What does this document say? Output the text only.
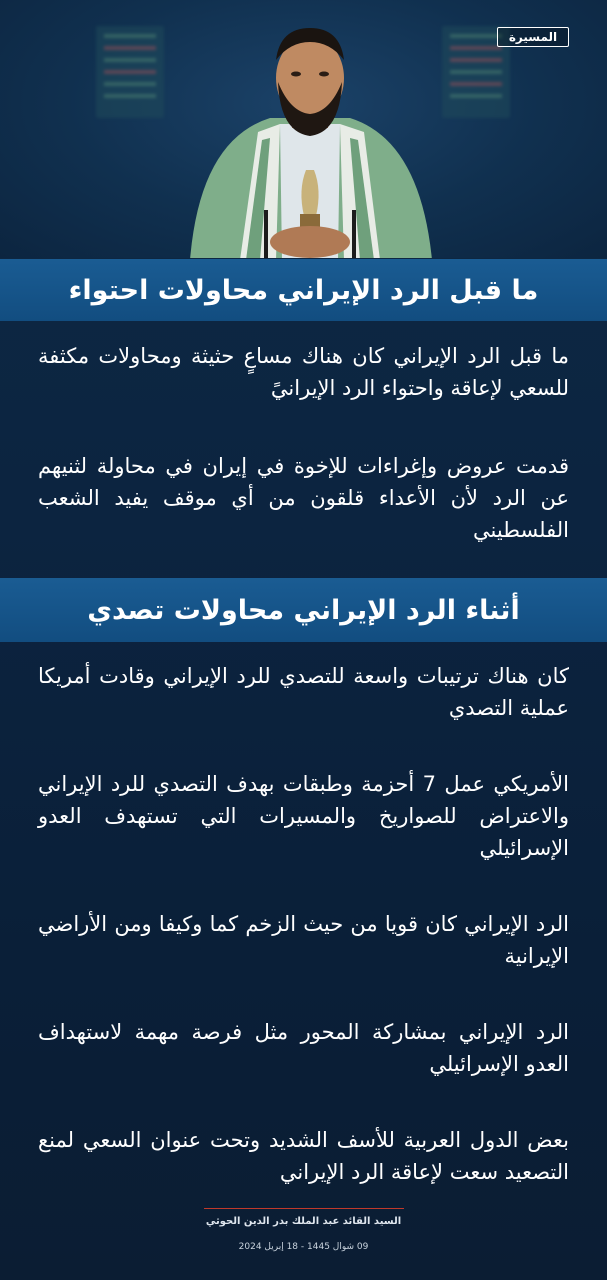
المسيرة
ما قبل الرد الإيراني محاولات احتواء

ما قبل الرد الإيراني كان هناك مساعٍ حثيثة ومحاولات مكثفة للسعي لإعاقة واحتواء الرد الإيرانيً

قدمت عروض وإغراءات للإخوة في إيران في محاولة لثنيهم عن الرد لأن الأعداء قلقون من أي موقف يفيد الشعب الفلسطيني

أثناء الرد الإيراني محاولات تصدي

كان هناك ترتيبات واسعة للتصدي للرد الإيراني وقادت أمريكا عملية التصدي

الأمريكي عمل 7 أحزمة وطبقات بهدف التصدي للرد الإيراني والاعتراض للصواريخ والمسيرات التي تستهدف العدو الإسرائيلي

الرد الإيراني كان قويا من حيث الزخم كما وكيفا ومن الأراضي الإيرانية

الرد الإيراني بمشاركة المحور مثل فرصة مهمة لاستهداف العدو الإسرائيلي

بعض الدول العربية للأسف الشديد وتحت عنوان السعي لمنع التصعيد سعت لإعاقة الرد الإيراني

السيد القائد عبد الملك بدر الدين الحوثي
09 شوال 1445 - 18 إبريل 2024
